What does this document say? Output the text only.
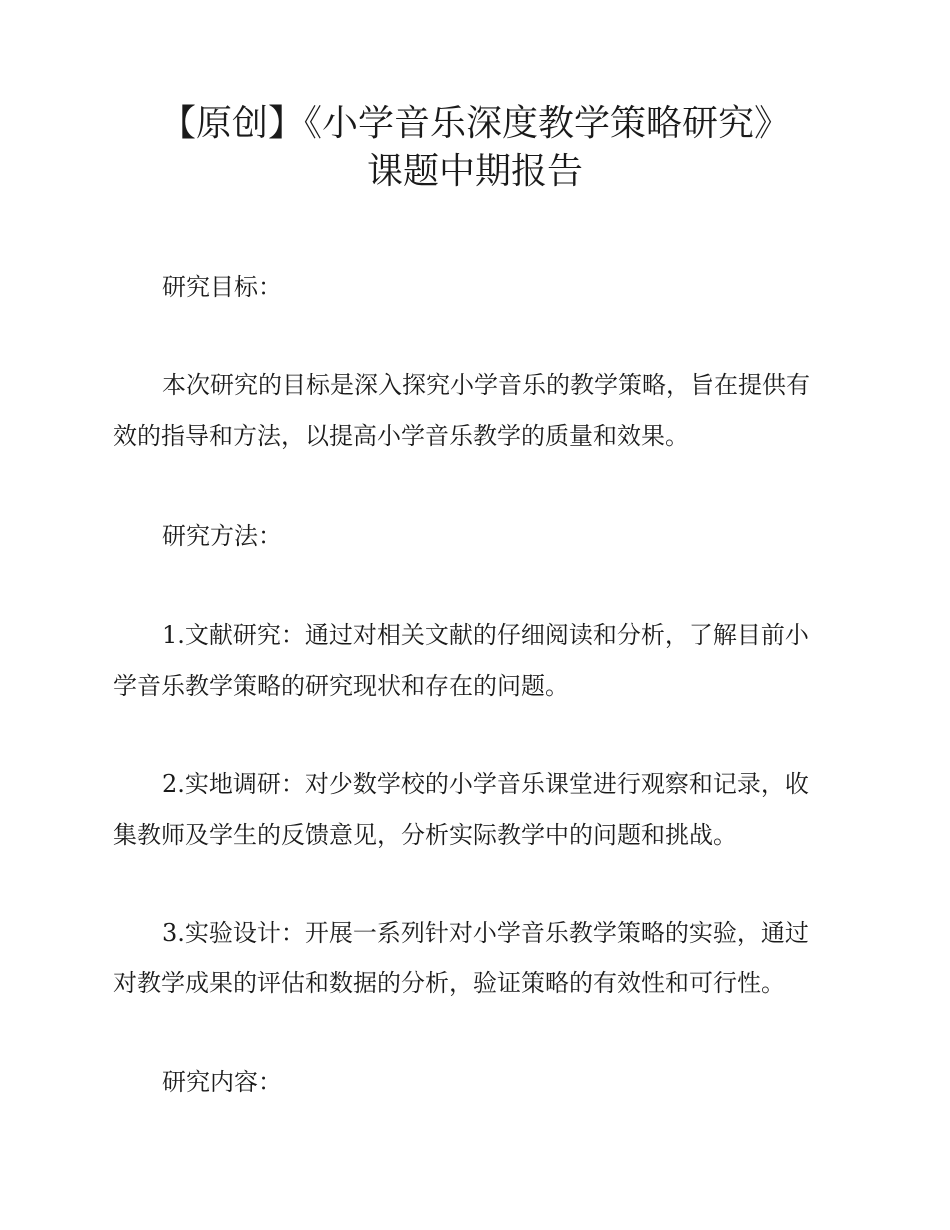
【原创】《小学音乐深度教学策略研究》
课题中期报告
研究目标：
本次研究的目标是深入探究小学音乐的教学策略，旨在提供有
效的指导和方法，以提高小学音乐教学的质量和效果。
研究方法：
1.文献研究：通过对相关文献的仔细阅读和分析，了解目前小
学音乐教学策略的研究现状和存在的问题。
2.实地调研：对少数学校的小学音乐课堂进行观察和记录，收
集教师及学生的反馈意见，分析实际教学中的问题和挑战。
3.实验设计：开展一系列针对小学音乐教学策略的实验，通过
对教学成果的评估和数据的分析，验证策略的有效性和可行性。
研究内容：
